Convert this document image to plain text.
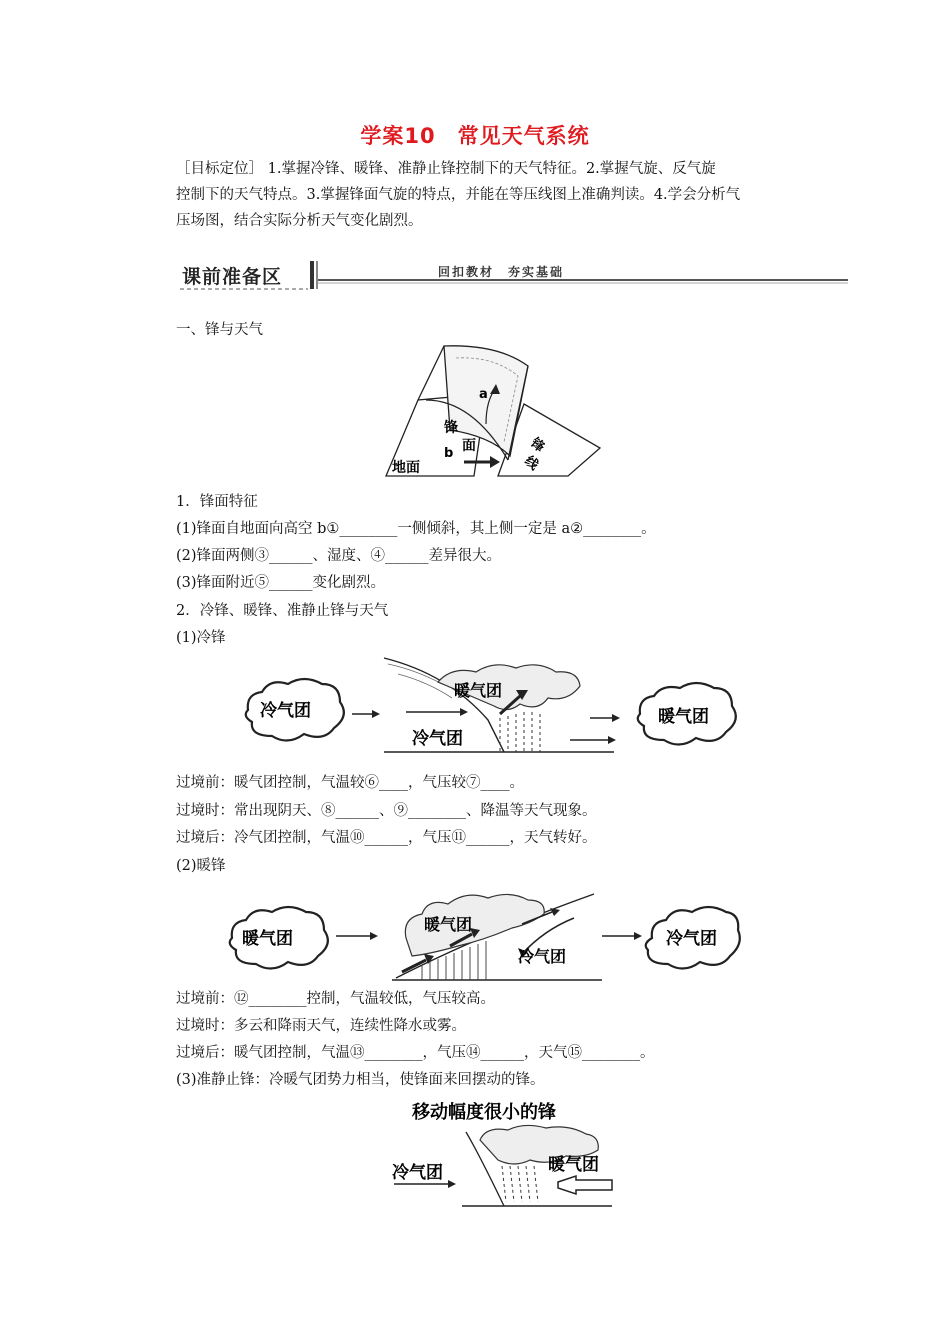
学案10　常见天气系统

［目标定位］ 1.掌握冷锋、暖锋、准静止锋控制下的天气特征。2.掌握气旋、反气旋

控制下的天气特点。3.掌握锋面气旋的特点，并能在等压线图上准确判读。4.学会分析气

压场图，结合实际分析天气变化剧烈。

课前准备区	回扣教材　夯实基础
一、锋与天气
a
b
锋
面
地面
锋
线
1．锋面特征
(1)锋面自地面向高空 b①________一侧倾斜，其上侧一定是 a②________。
(2)锋面两侧③______、湿度、④______差异很大。
(3)锋面附近⑤______变化剧烈。
2．冷锋、暖锋、准静止锋与天气
(1)冷锋
冷气团
暖气团
冷气团
暖气团
过境前：暖气团控制，气温较⑥____，气压较⑦____。
过境时：常出现阴天、⑧______、⑨________、降温等天气现象。
过境后：冷气团控制，气温⑩______，气压⑪______，天气转好。
(2)暖锋
暖气团
暖气团
冷气团
冷气团
过境前：⑫________控制，气温较低，气压较高。
过境时：多云和降雨天气，连续性降水或雾。
过境后：暖气团控制，气温⑬________，气压⑭______，天气⑮________。
(3)准静止锋：冷暖气团势力相当，使锋面来回摆动的锋。
移动幅度很小的锋
冷气团	暖气团
